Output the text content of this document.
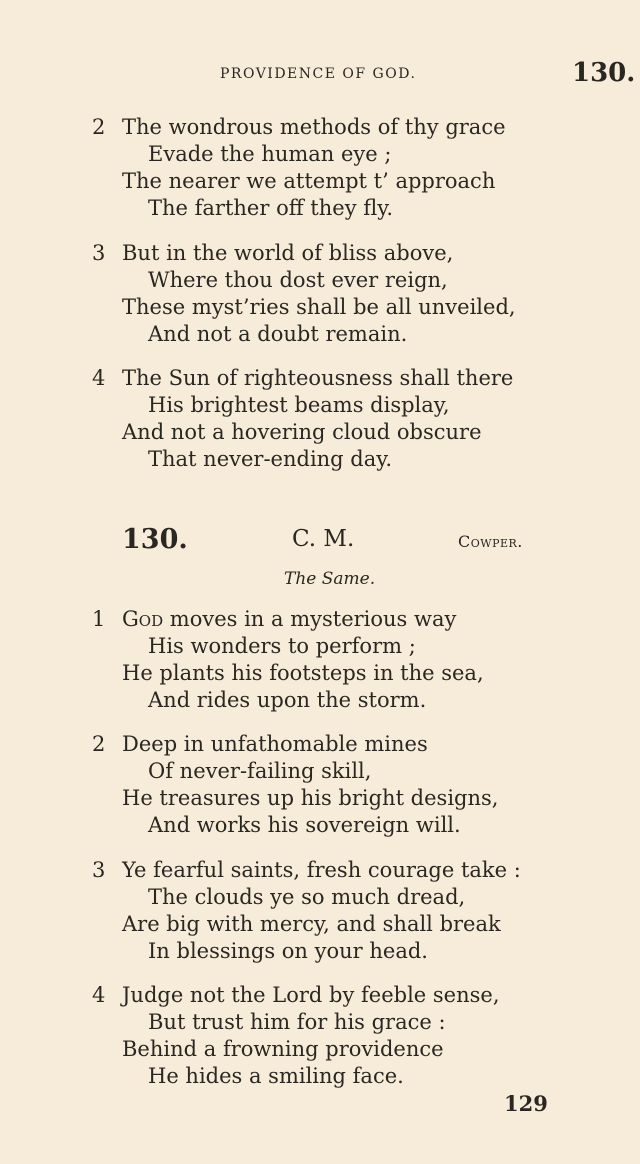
PROVIDENCE OF GOD.	130.
2 The wondrous methods of thy grace
Evade the human eye ;
The nearer we attempt t’ approach
The farther off they fly.
3 But in the world of bliss above,
Where thou dost ever reign,
These myst’ries shall be all unveiled,
And not a doubt remain.
4 The Sun of righteousness shall there
His brightest beams display,
And not a hovering cloud obscure
That never-ending day.
130.	C. M.	Cowper.
The Same.
1 God moves in a mysterious way
His wonders to perform ;
He plants his footsteps in the sea,
And rides upon the storm.
2 Deep in unfathomable mines
Of never-failing skill,
He treasures up his bright designs,
And works his sovereign will.
3 Ye fearful saints, fresh courage take :
The clouds ye so much dread,
Are big with mercy, and shall break
In blessings on your head.
4 Judge not the Lord by feeble sense,
But trust him for his grace :
Behind a frowning providence
He hides a smiling face.
129
